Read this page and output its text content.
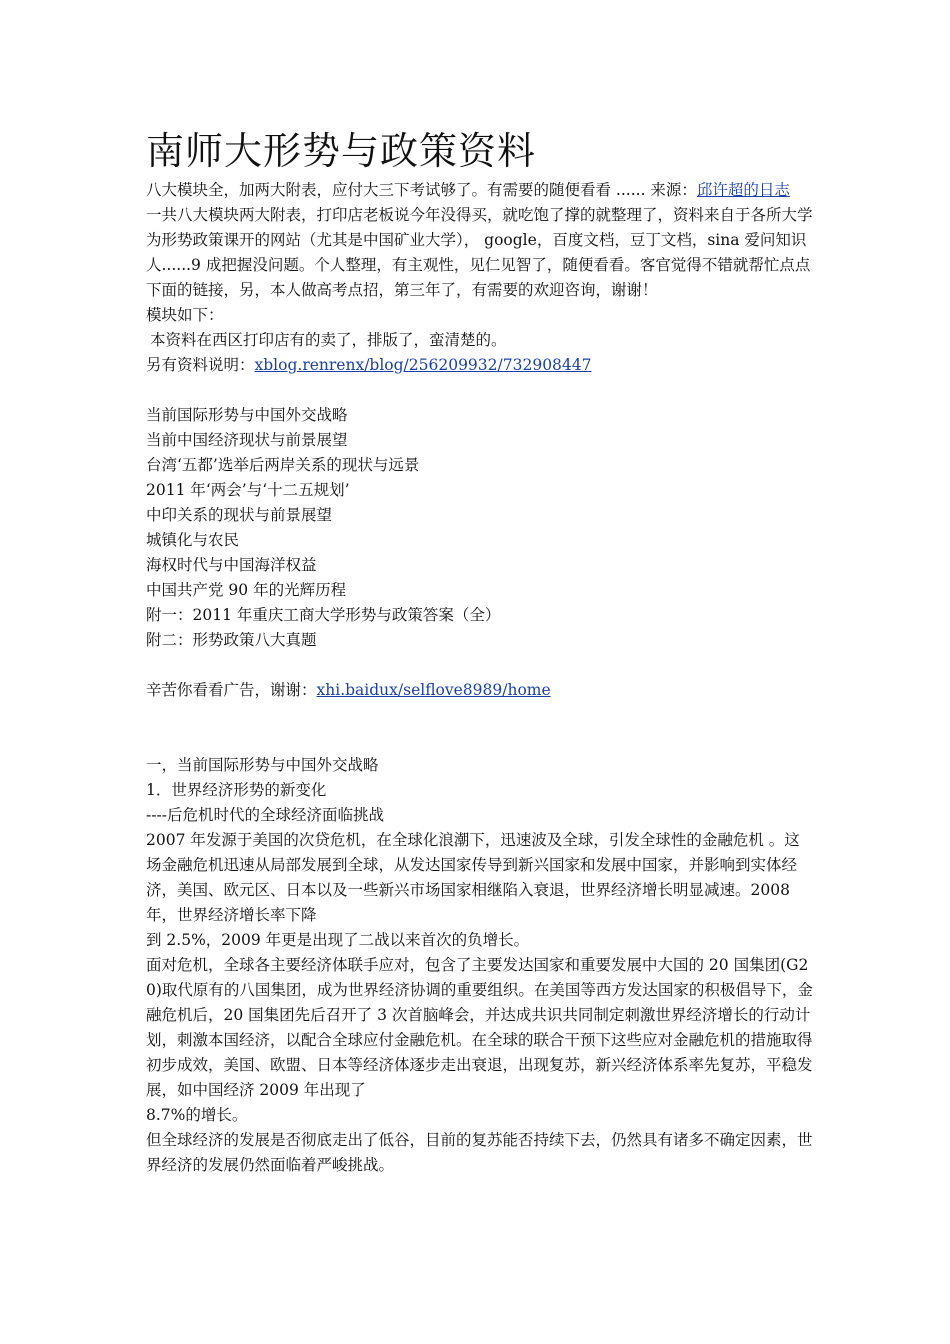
南师大形势与政策资料

八大模块全，加两大附表，应付大三下考试够了。有需要的随便看看 ...... 来源：邱许超的日志

一共八大模块两大附表，打印店老板说今年没得买，就吃饱了撑的就整理了，资料来自于各所大学为形势政策课开的网站（尤其是中国矿业大学）， google，百度文档，豆丁文档，sina 爱问知识人......9 成把握没问题。个人整理，有主观性，见仁见智了，随便看看。客官觉得不错就帮忙点点下面的链接，另，本人做高考点招，第三年了，有需要的欢迎咨询，谢谢！

模块如下：

本资料在西区打印店有的卖了，排版了，蛮清楚的。

另有资料说明：xblog.renrenx/blog/256209932/732908447

当前国际形势与中国外交战略

当前中国经济现状与前景展望

台湾‘五都’选举后两岸关系的现状与远景

2011 年‘两会’与‘十二五规划’

中印关系的现状与前景展望

城镇化与农民

海权时代与中国海洋权益

中国共产党 90 年的光辉历程

附一：2011 年重庆工商大学形势与政策答案（全）

附二：形势政策八大真题

辛苦你看看广告，谢谢：xhi.baidux/selflove8989/home

一，当前国际形势与中国外交战略

1．世界经济形势的新变化

----后危机时代的全球经济面临挑战

2007 年发源于美国的次贷危机，在全球化浪潮下，迅速波及全球，引发全球性的金融危机 。这场金融危机迅速从局部发展到全球，从发达国家传导到新兴国家和发展中国家，并影响到实体经济，美国、欧元区、日本以及一些新兴市场国家相继陷入衰退，世界经济增长明显减速。2008 年，世界经济增长率下降

到 2.5%，2009 年更是出现了二战以来首次的负增长。

面对危机，全球各主要经济体联手应对，包含了主要发达国家和重要发展中大国的 20 国集团(G20)取代原有的八国集团，成为世界经济协调的重要组织。在美国等西方发达国家的积极倡导下，金融危机后，20 国集团先后召开了 3 次首脑峰会，并达成共识共同制定刺激世界经济增长的行动计划，刺激本国经济，以配合全球应付金融危机。在全球的联合干预下这些应对金融危机的措施取得初步成效，美国、欧盟、日本等经济体逐步走出衰退，出现复苏，新兴经济体系率先复苏，平稳发展，如中国经济 2009 年出现了

8.7%的增长。

但全球经济的发展是否彻底走出了低谷，目前的复苏能否持续下去，仍然具有诸多不确定因素，世界经济的发展仍然面临着严峻挑战。
